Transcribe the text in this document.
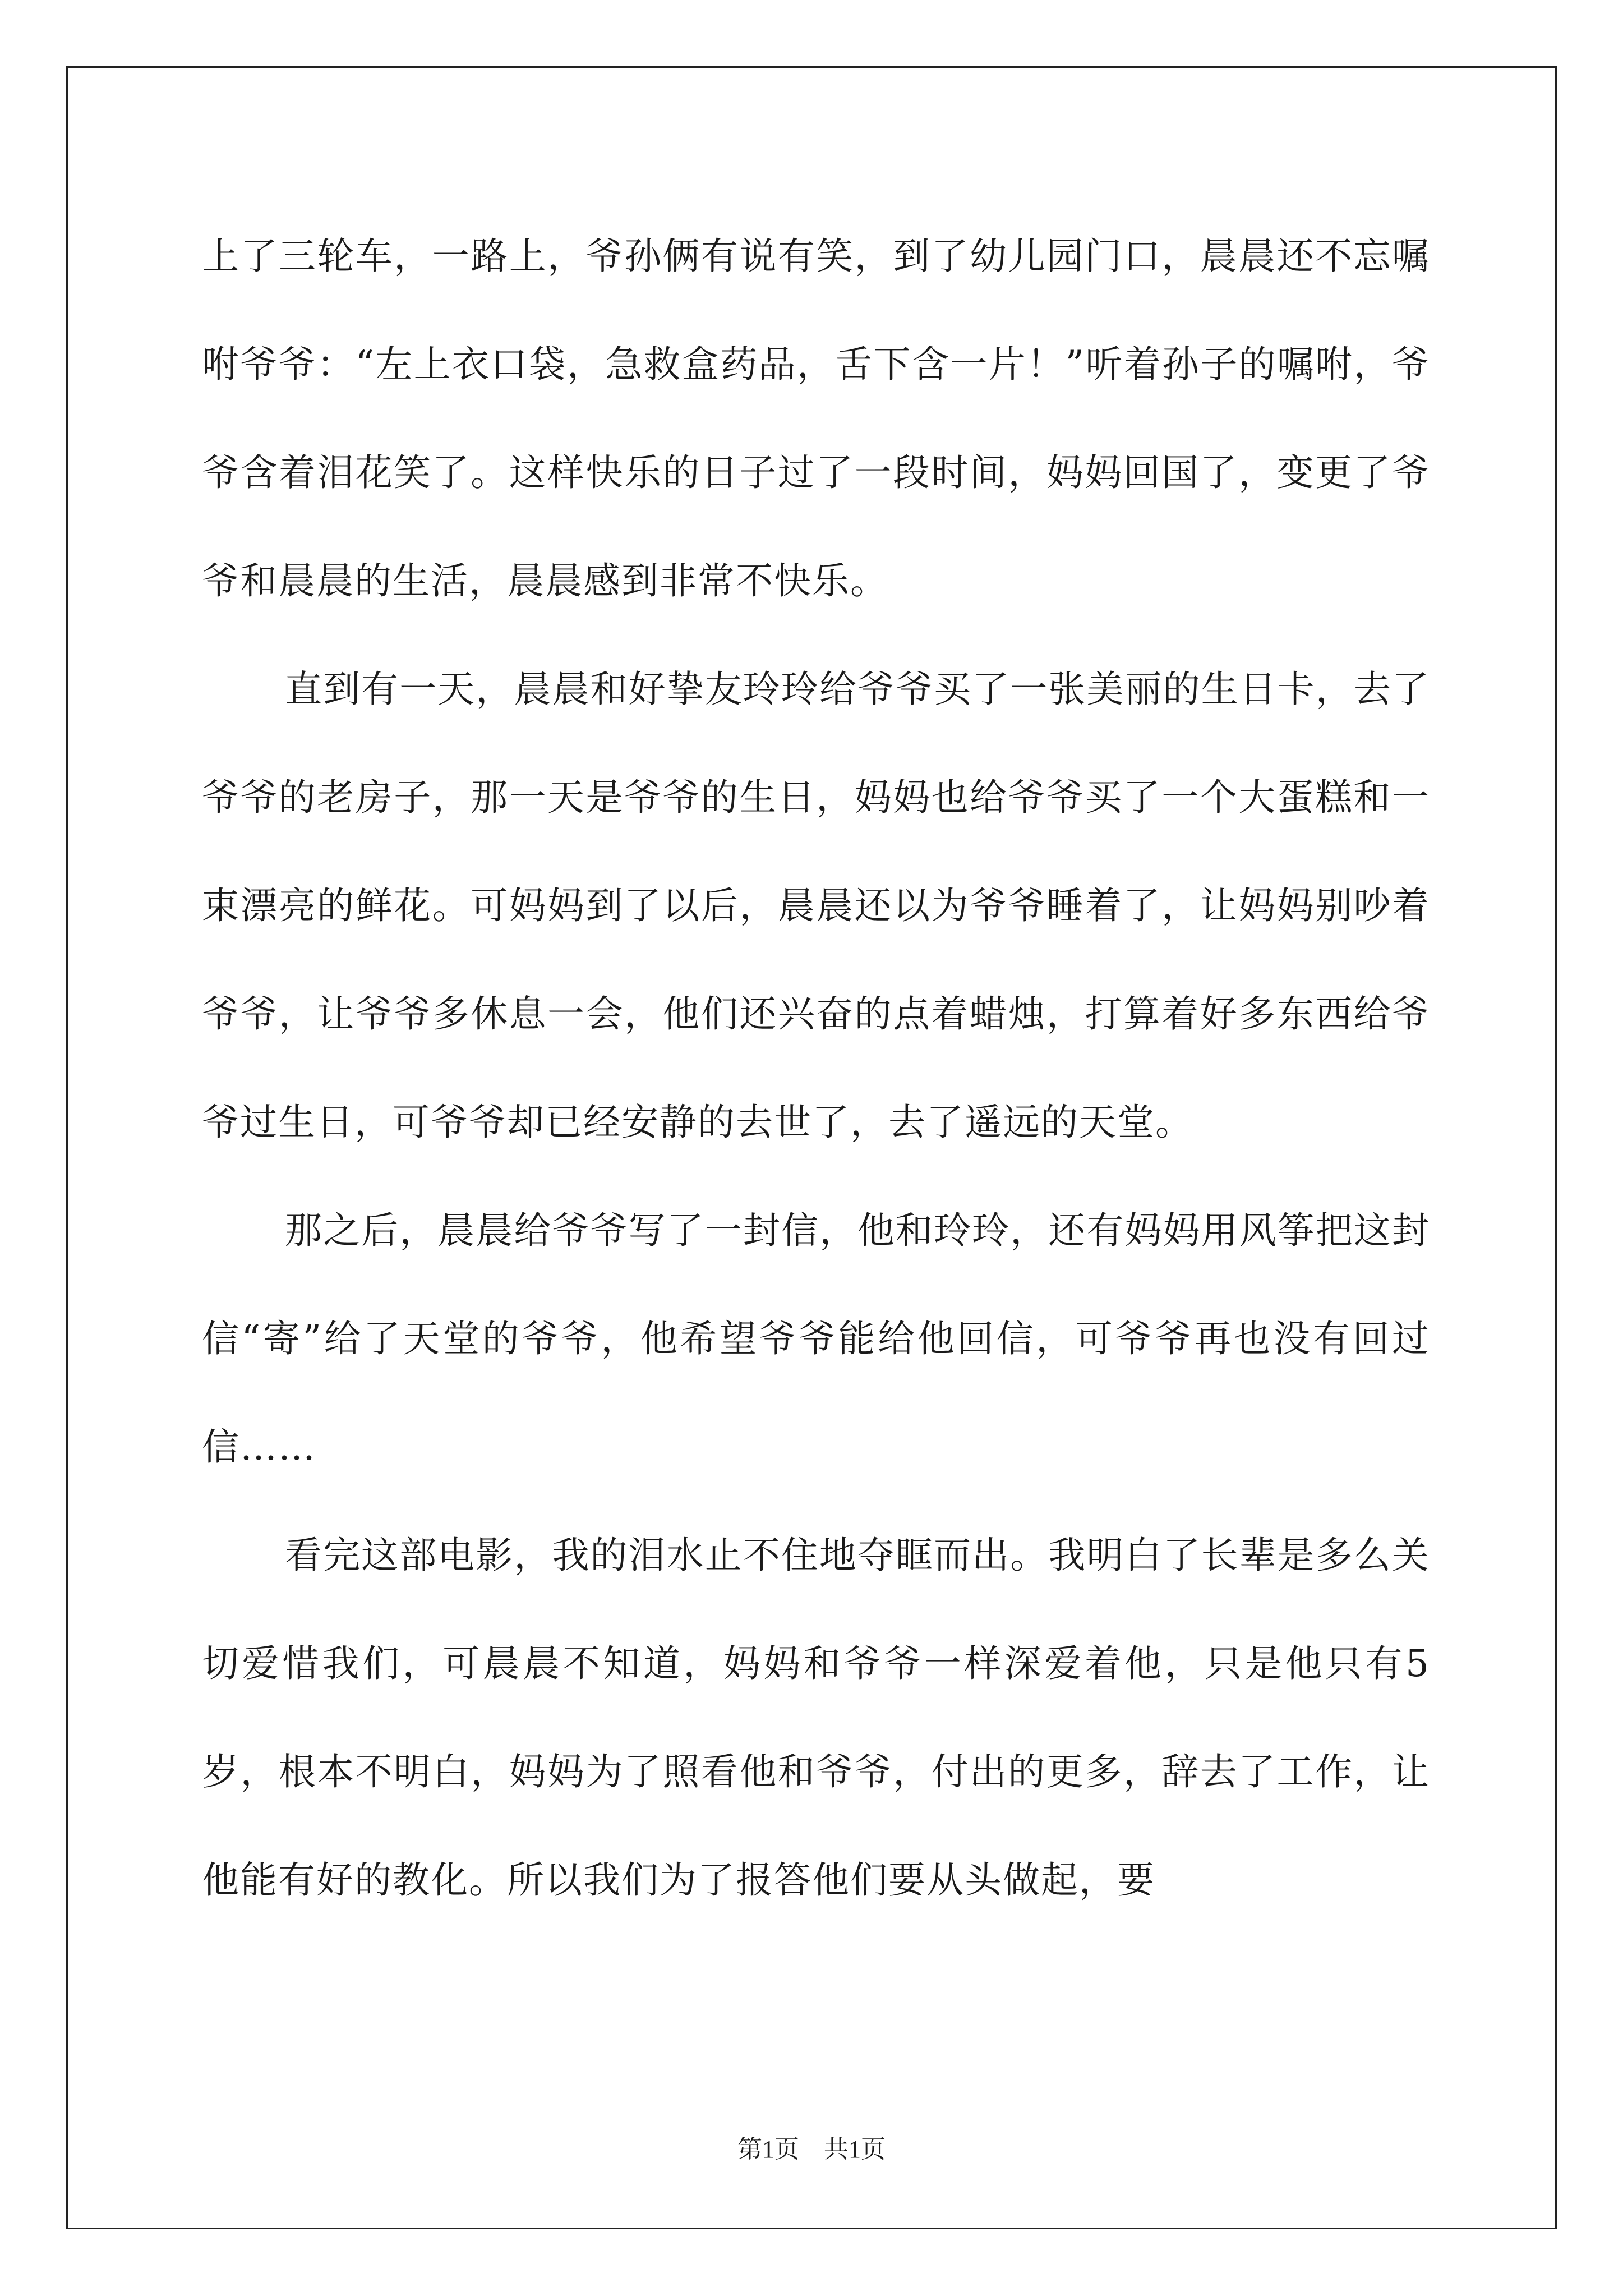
上了三轮车，一路上，爷孙俩有说有笑，到了幼儿园门口，晨晨还不忘嘱咐爷爷：“左上衣口袋，急救盒药品，舌下含一片！”听着孙子的嘱咐，爷爷含着泪花笑了。这样快乐的日子过了一段时间，妈妈回国了，变更了爷爷和晨晨的生活，晨晨感到非常不快乐。

直到有一天，晨晨和好挚友玲玲给爷爷买了一张美丽的生日卡，去了爷爷的老房子，那一天是爷爷的生日，妈妈也给爷爷买了一个大蛋糕和一束漂亮的鲜花。可妈妈到了以后，晨晨还以为爷爷睡着了，让妈妈别吵着爷爷，让爷爷多休息一会，他们还兴奋的点着蜡烛，打算着好多东西给爷爷过生日，可爷爷却已经安静的去世了，去了遥远的天堂。

那之后，晨晨给爷爷写了一封信，他和玲玲，还有妈妈用风筝把这封信“寄”给了天堂的爷爷，他希望爷爷能给他回信，可爷爷再也没有回过信……

看完这部电影，我的泪水止不住地夺眶而出。我明白了长辈是多么关切爱惜我们，可晨晨不知道，妈妈和爷爷一样深爱着他，只是他只有5岁，根本不明白，妈妈为了照看他和爷爷，付出的更多，辞去了工作，让他能有好的教化。所以我们为了报答他们要从头做起，要

第1页　共1页
